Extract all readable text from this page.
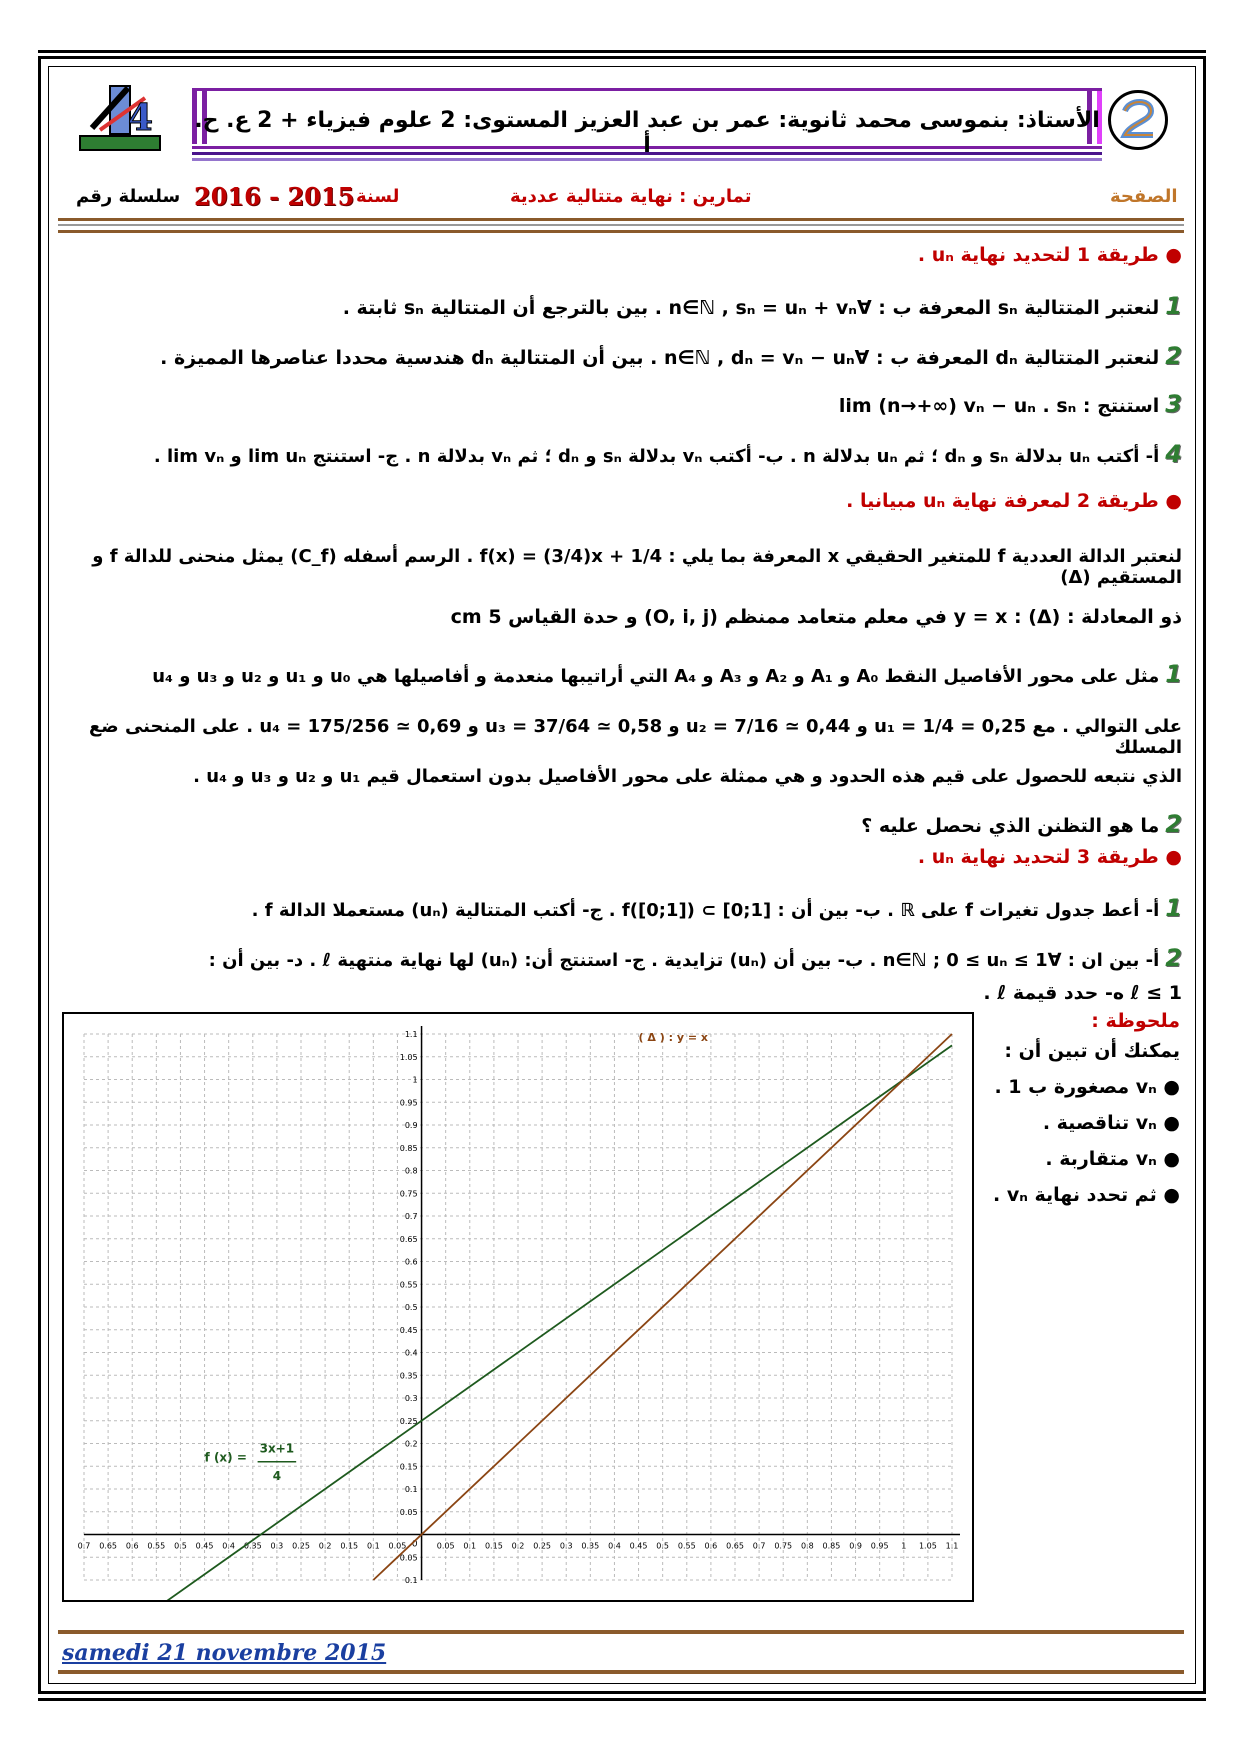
4 الأستاذ: بنموسى محمد ثانوية: عمر بن عبد العزيز المستوى: 2 علوم فيزياء + 2 ع. ح. أ
سلسلة رقم 2016 - 2015 لسنة	تمارين : نهاية متتالية عددية	الصفحة
● طريقة 1 لتحديد نهاية uₙ .
1لنعتبر المتتالية sₙ المعرفة ب : ∀n∈ℕ , sₙ = uₙ + vₙ . بين بالترجع أن المتتالية sₙ ثابتة .
2لنعتبر المتتالية dₙ المعرفة ب : ∀n∈ℕ , dₙ = vₙ − uₙ . بين أن المتتالية dₙ هندسية محددا عناصرها المميزة .
3استنتج : lim (n→+∞) vₙ − uₙ . sₙ
4أ- أكتب uₙ بدلالة sₙ و dₙ ؛ ثم uₙ بدلالة n . ب- أكتب vₙ بدلالة sₙ و dₙ ؛ ثم vₙ بدلالة n . ج- استنتج lim uₙ و lim vₙ .
● طريقة 2 لمعرفة نهاية uₙ مبيانيا .
لنعتبر الدالة العددية f للمتغير الحقيقي x المعرفة بما يلي : f(x) = (3/4)x + 1/4 . الرسم أسفله (C_f) يمثل منحنى للدالة f و المستقيم (Δ)
ذو المعادلة : (Δ) : y = x في معلم متعامد ممنظم (O, i, j) و حدة القياس 5 cm
1مثل على محور الأفاصيل النقط A₀ و A₁ و A₂ و A₃ و A₄ التي أراتيبها منعدمة و أفاصيلها هي u₀ و u₁ و u₂ و u₃ و u₄
على التوالي . مع u₁ = 1/4 = 0,25 و u₂ = 7/16 ≃ 0,44 و u₃ = 37/64 ≃ 0,58 و u₄ = 175/256 ≃ 0,69 . على المنحنى ضع المسلك
الذي نتبعه للحصول على قيم هذه الحدود و هي ممثلة على محور الأفاصيل بدون استعمال قيم u₁ و u₂ و u₃ و u₄ .
2ما هو التظنن الذي نحصل عليه ؟
● طريقة 3 لتحديد نهاية uₙ .
1أ- أعط جدول تغيرات f على ℝ . ب- بين أن : f([0;1]) ⊂ [0;1] . ج- أكتب المتتالية (uₙ) مستعملا الدالة f .
2أ- بين ان : ∀n∈ℕ ; 0 ≤ uₙ ≤ 1 . ب- بين أن (uₙ) تزايدية . ج- استنتج أن: (uₙ) لها نهاية منتهية ℓ . د- بين أن :
ℓ ≤ 1 ه- حدد قيمة ℓ .
ملحوظة :
يمكنك أن تبين أن :
● vₙ مصغورة ب 1 .
● vₙ تناقصية .
● vₙ متقاربة .
● ثم تحدد نهاية vₙ .
0.7 0.65 0.6 0.55 0.5 0.45 0.4 0.35 0.3 0.25 0.2 0.15 0.1 0.05	0.05 0.1 0.15 0.2 0.25 0.3 0.35 0.4 0.45 0.5 0.55 0.6 0.65 0.7 0.75 0.8 0.85 0.9 0.95 1 1.05 1.1
0.1
0.05
0.05
0.1
0.15
0.2
0.25
0.3
0.35
0.4
0.45
0.5
0.55
0.6
0.65
0.7
0.75
0.8
0.85
0.9
0.95
1
1.05
1.1
0
( Δ ) : y = x
f (x) =
3x+1
4
samedi 21 novembre 2015
